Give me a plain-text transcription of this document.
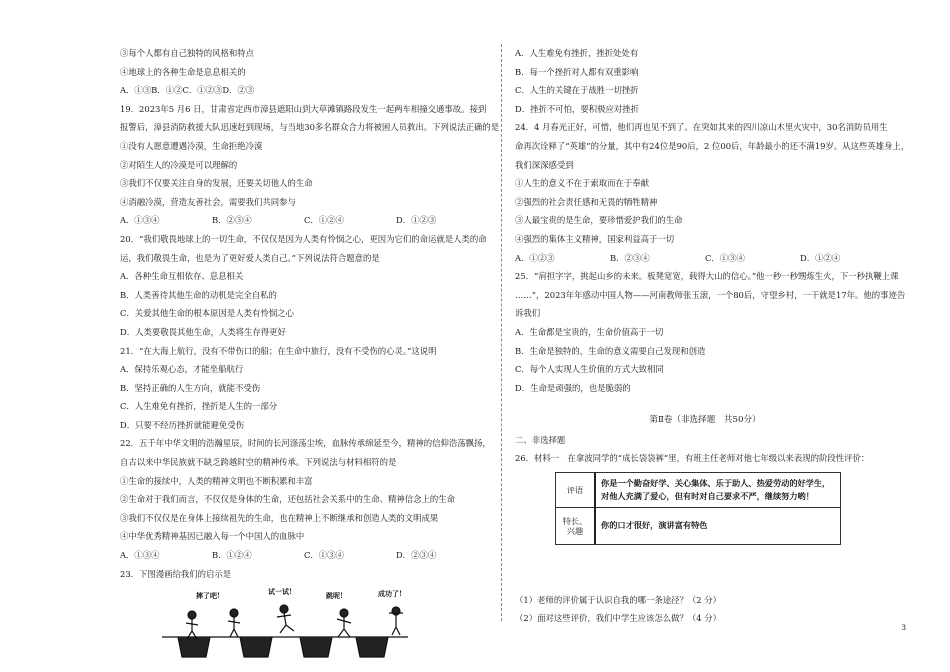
③每个人都有自己独特的风格和特点
④地球上的各种生命是息息相关的
A．①③B．①②C．①②③D．②③
19．2023年5 月6 日，甘肃省定西市漳县遮阳山到大草滩镇路段发生一起两车相撞交通事故。接到
报警后，漳县消防救援大队迅速赶到现场，与当地30多名群众合力将被困人员救出。下列说法正确的是
①没有人愿意遭遇冷漠，生命拒绝冷漠
②对陌生人的冷漠是可以理解的
③我们不仅要关注自身的发展，还要关切他人的生命
④消融冷漠，营造友善社会，需要我们共同参与
A．①③④	B．②③④	C．①②④	D．①②③
20．“我们敬畏地球上的一切生命，不仅仅是因为人类有怜悯之心，更因为它们的命运就是人类的命
运，我们敬畏生命，也是为了更好爱人类自己。”下列说法符合题意的是
A．各种生命互相依存、息息相关
B．人类善待其他生命的动机是完全自私的
C．关爱其他生命的根本原因是人类有怜悯之心
D．人类要敬畏其他生命，人类将生存得更好
21．“在大海上航行，没有不带伤口的船；在生命中旅行，没有不受伤的心灵。”这说明
A．保持乐观心态，才能坐船航行
B．坚持正确的人生方向，就能不受伤
C．人生难免有挫折，挫折是人生的一部分
D．只要不经历挫折就能避免受伤
22．五千年中华文明的浩瀚星辰，时间的长河涤荡尘埃，血脉传承绵延至今，精神的信仰浩荡飘扬，
自古以来中华民族就不缺乏跨越时空的精神传承。下列说法与材料相符的是
①生命的接续中，人类的精神文明也不断积累和丰富
②生命对于我们而言，不仅仅是身体的生命，还包括社会关系中的生命、精神信念上的生命
③我们不仅仅是在身体上接续祖先的生命，也在精神上不断继承和创造人类的文明成果
④中华优秀精神基因已融入每一个中国人的血脉中
A．①③④	B．①②④	C．①③④	D．②③④
23．下图漫画给我们的启示是
摔了吧!	试一试!	跳呢!	成功了!
A．人生难免有挫折，挫折处处有
B．每一个挫折对人都有双重影响
C．人生的关键在于战胜一切挫折
D．挫折不可怕，要积极应对挫折
24．4 月春光正好，可惜，他们再也见不到了。在突如其来的四川凉山木里火灾中，30名消防员用生
命再次诠释了“英雄”的分量，其中有24位是90后，2 位00后，年龄最小的还不满19岁。从这些英雄身上，
我们深深感受到
①人生的意义不在于索取而在于奉献
②强烈的社会责任感和无畏的牺牲精神
③人最宝贵的是生命，要珍惜爱护我们的生命
④强烈的集体主义精神，国家利益高于一切
A．①②③	B．②③④	C．①③④	D．①②④
25．“肩担字字，挑起山乡的未来。板凳宽宽，载得大山的信心。”他一秒一秒甥炼生火，下一秒执鞭上课
……”，2023年年感动中国人物——河南教师张玉滚，一个80后，守望乡村，一干就是17年。他的事迹告
诉我们
A．生命都是宝贵的，生命价值高于一切
B．生命是独特的，生命的意义需要自己发现和创造
C．每个人实现人生价值的方式大致相同
D．生命是顽强的，也是脆弱的
第Ⅱ卷（非选择题　共50分）
二、非选择题
26．材料一　在拿波同学的“成长袋袋裤”里，有班主任老师对他七年级以来表现的阶段性评价：
评语	你是一个勤奋好学、关心集体、乐于助人、热爱劳动的好学生，对他人充满了爱心，但有时对自己要求不严，继续努力哟！
特长、兴趣	你的口才很好，演讲富有特色
（1）老师的评价属于认识自我的哪一条途径？（2 分）
（2）面对这些评价，我们中学生应该怎么做？（4 分）
3
